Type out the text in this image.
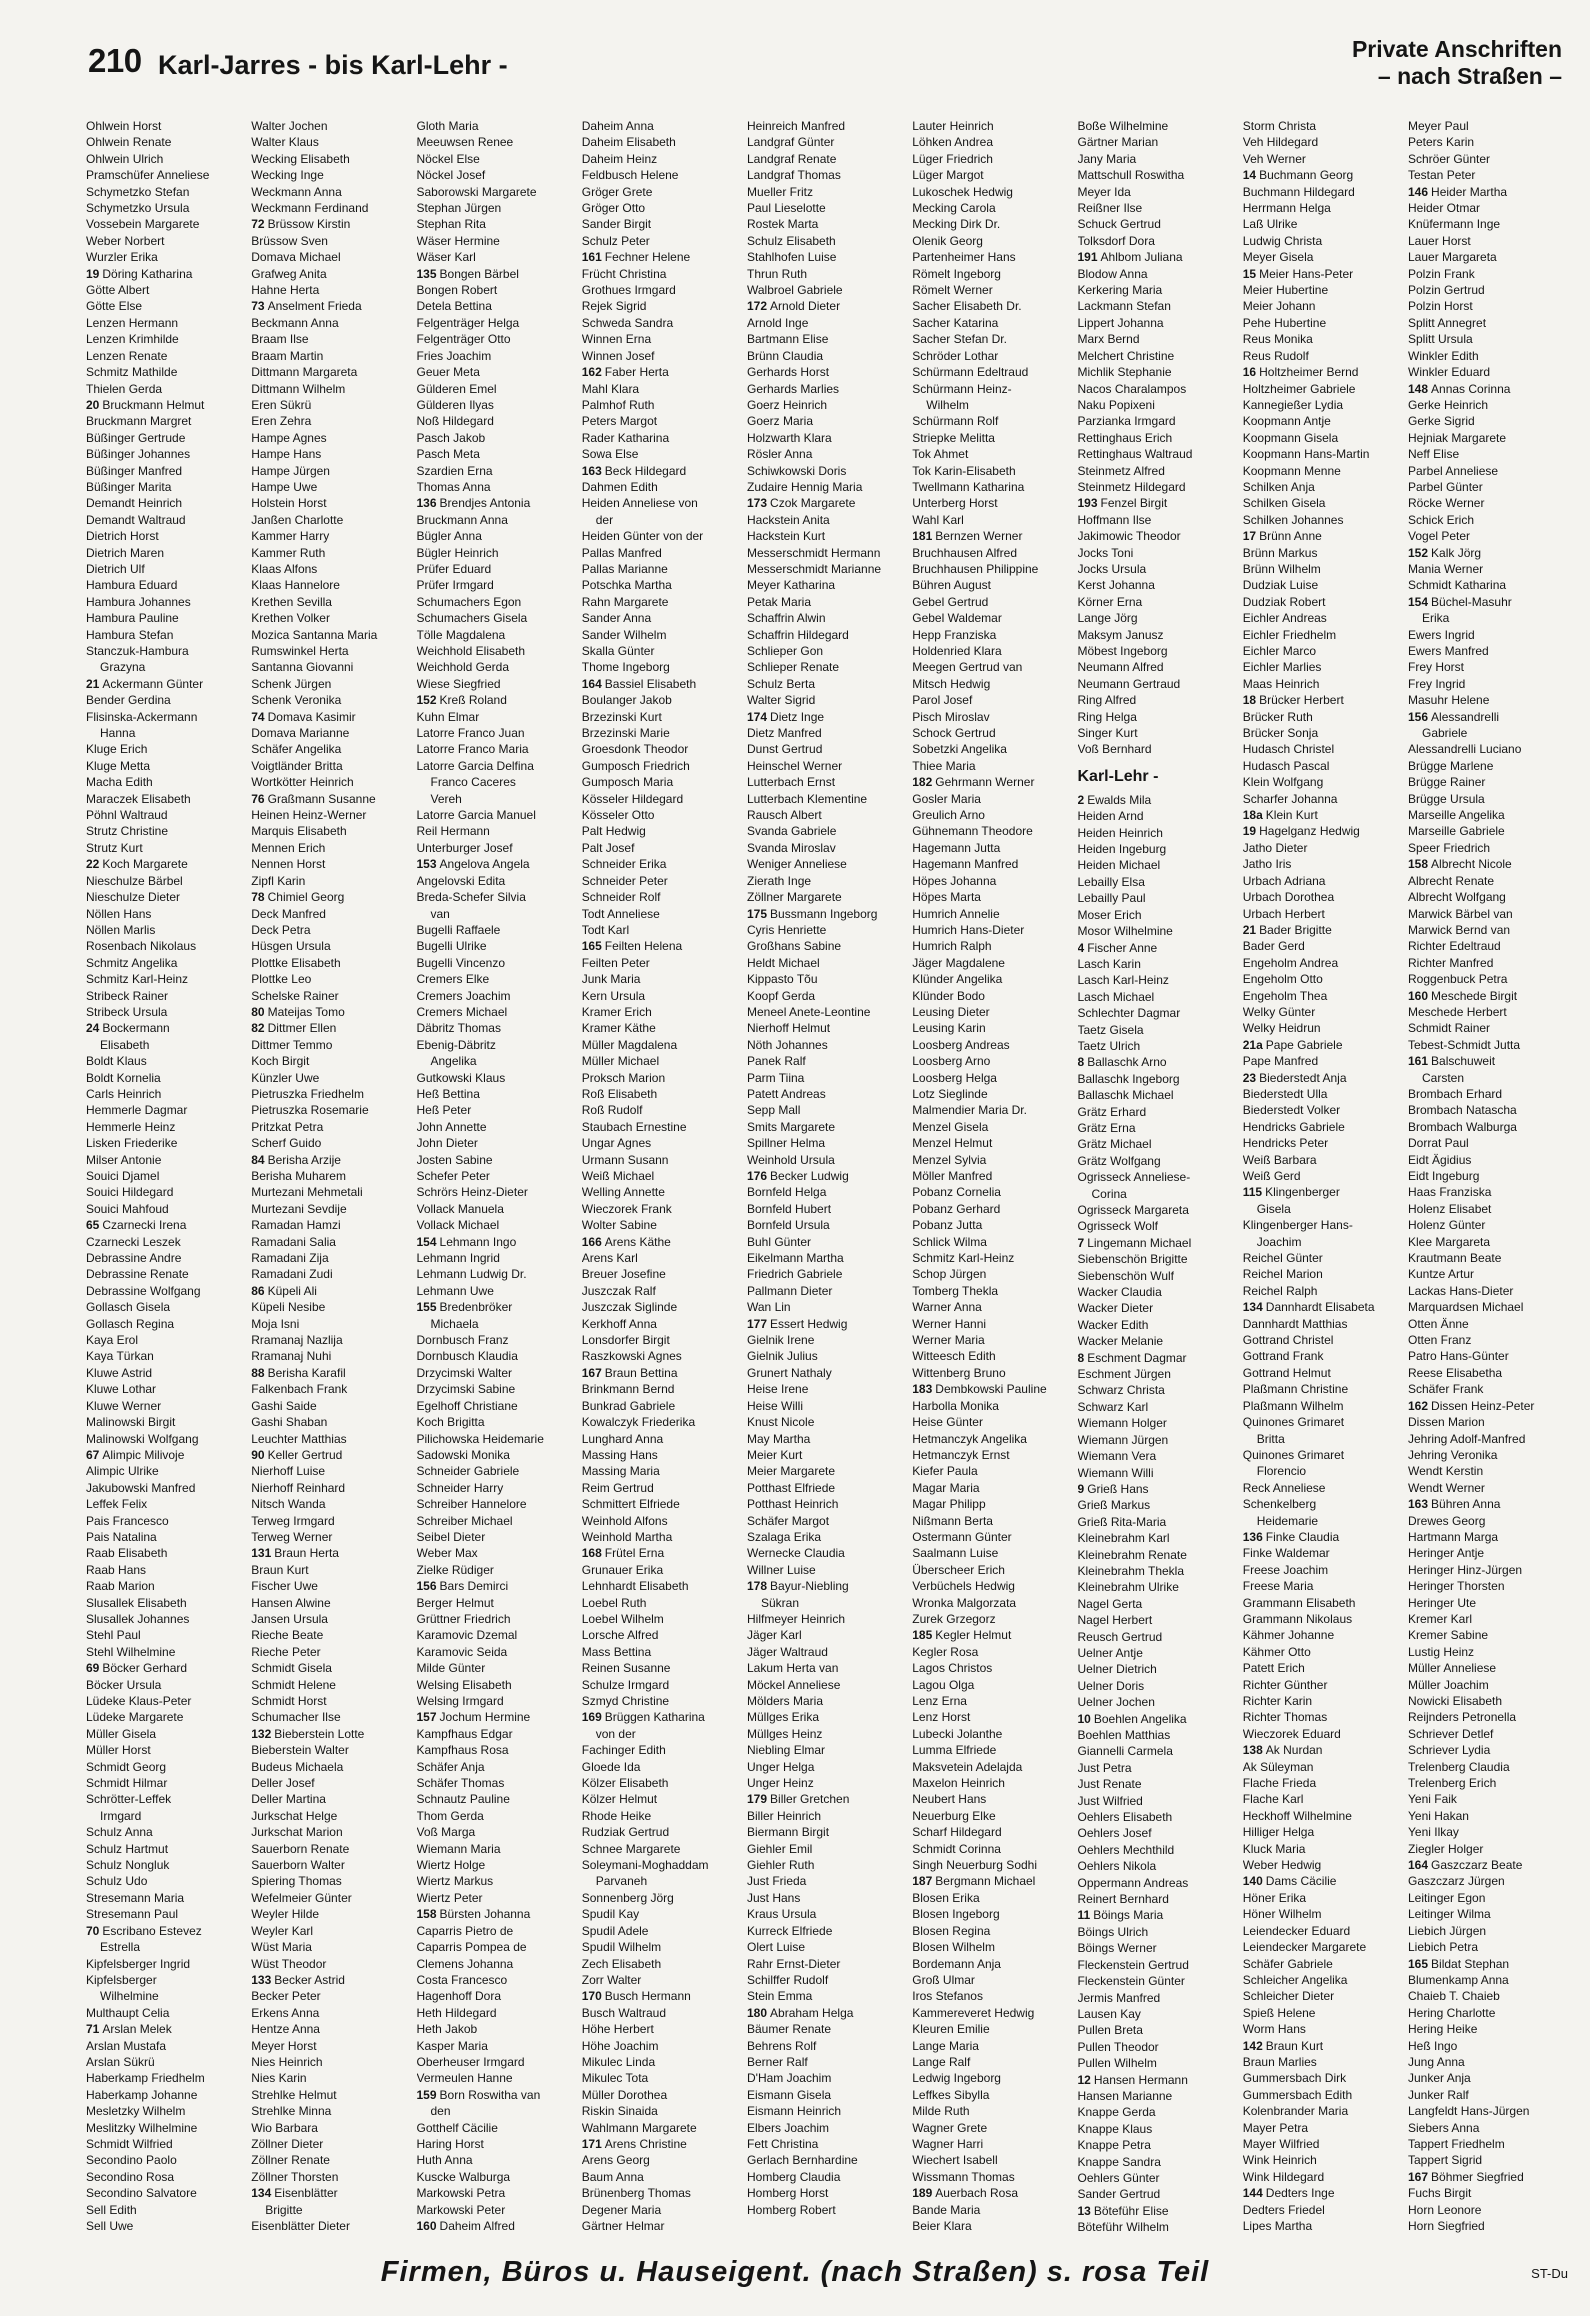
210 Karl-Jarres - bis Karl-Lehr -
Private Anschriften
– nach Straßen –
Ohlwein Horst
Ohlwein Renate
Ohlwein Ulrich
Pramschüfer Anneliese
Schymetzko Stefan
Schymetzko Ursula
Vossebein Margarete
Weber Norbert
Wurzler Erika
19 Döring Katharina
Götte Albert
Götte Else
Lenzen Hermann
Lenzen Krimhilde
Lenzen Renate
Schmitz Mathilde
Thielen Gerda
20 Bruckmann Helmut
Bruckmann Margret
Büßinger Gertrude
Büßinger Johannes
Büßinger Manfred
Büßinger Marita
Demandt Heinrich
Demandt Waltraud
Dietrich Horst
Dietrich Maren
Dietrich Ulf
Hambura Eduard
Hambura Johannes
Hambura Pauline
Hambura Stefan
Stanczuk-Hambura
Grazyna
21 Ackermann Günter
Bender Gerdina
Flisinska-Ackermann
Hanna
Kluge Erich
Kluge Metta
Macha Edith
Maraczek Elisabeth
Pöhnl Waltraud
Strutz Christine
Strutz Kurt
22 Koch Margarete
Nieschulze Bärbel
Nieschulze Dieter
Nöllen Hans
Nöllen Marlis
Rosenbach Nikolaus
Schmitz Angelika
Schmitz Karl-Heinz
Stribeck Rainer
Stribeck Ursula
24 Bockermann
Elisabeth
Boldt Klaus
Boldt Kornelia
Carls Heinrich
Hemmerle Dagmar
Hemmerle Heinz
Lisken Friederike
Milser Antonie
Souici Djamel
Souici Hildegard
Souici Mahfoud
65 Czarnecki Irena
Czarnecki Leszek
Debrassine Andre
Debrassine Renate
Debrassine Wolfgang
Gollasch Gisela
Gollasch Regina
Kaya Erol
Kaya Türkan
Kluwe Astrid
Kluwe Lothar
Kluwe Werner
Malinowski Birgit
Malinowski Wolfgang
67 Alimpic Milivoje
Alimpic Ulrike
Jakubowski Manfred
Leffek Felix
Pais Francesco
Pais Natalina
Raab Elisabeth
Raab Hans
Raab Marion
Slusallek Elisabeth
Slusallek Johannes
Stehl Paul
Stehl Wilhelmine
69 Böcker Gerhard
Böcker Ursula
Lüdeke Klaus-Peter
Lüdeke Margarete
Müller Gisela
Müller Horst
Schmidt Georg
Schmidt Hilmar
Schrötter-Leffek
Irmgard
Schulz Anna
Schulz Hartmut
Schulz Nongluk
Schulz Udo
Stresemann Maria
Stresemann Paul
70 Escribano Estevez
Estrella
Kipfelsberger Ingrid
Kipfelsberger
Wilhelmine
Multhaupt Celia
71 Arslan Melek
Arslan Mustafa
Arslan Sükrü
Haberkamp Friedhelm
Haberkamp Johanne
Mesletzky Wilhelm
Meslitzky Wilhelmine
Schmidt Wilfried
Secondino Paolo
Secondino Rosa
Secondino Salvatore
Sell Edith
Sell Uwe
Walter Jochen
Walter Klaus
Wecking Elisabeth
Wecking Inge
Weckmann Anna
Weckmann Ferdinand
72 Brüssow Kirstin
Brüssow Sven
Domava Michael
Grafweg Anita
Hahne Herta
73 Anselment Frieda
Beckmann Anna
Braam Ilse
Braam Martin
Dittmann Margareta
Dittmann Wilhelm
Eren Sükrü
Eren Zehra
Hampe Agnes
Hampe Hans
Hampe Jürgen
Hampe Uwe
Holstein Horst
Janßen Charlotte
Kammer Harry
Kammer Ruth
Klaas Alfons
Klaas Hannelore
Krethen Sevilla
Krethen Volker
Mozica Santanna Maria
Rumswinkel Herta
Santanna Giovanni
Schenk Jürgen
Schenk Veronika
74 Domava Kasimir
Domava Marianne
Schäfer Angelika
Voigtländer Britta
Wortkötter Heinrich
76 Graßmann Susanne
Heinen Heinz-Werner
Marquis Elisabeth
Mennen Erich
Nennen Horst
Zipfl Karin
78 Chimiel Georg
Deck Manfred
Deck Petra
Hüsgen Ursula
Plottke Elisabeth
Plottke Leo
Schelske Rainer
80 Mateijas Tomo
82 Dittmer Ellen
Dittmer Temmo
Koch Birgit
Künzler Uwe
Pietruszka Friedhelm
Pietruszka Rosemarie
Pritzkat Petra
Scherf Guido
84 Berisha Arzije
Berisha Muharem
Murtezani Mehmetali
Murtezani Sevdije
Ramadan Hamzi
Ramadani Salia
Ramadani Zija
Ramadani Zudi
86 Küpeli Ali
Küpeli Nesibe
Moja Isni
Rramanaj Nazlija
Rramanaj Nuhi
88 Berisha Karafil
Falkenbach Frank
Gashi Saide
Gashi Shaban
Leuchter Matthias
90 Keller Gertrud
Nierhoff Luise
Nierhoff Reinhard
Nitsch Wanda
Terweg Irmgard
Terweg Werner
131 Braun Herta
Braun Kurt
Fischer Uwe
Hansen Alwine
Jansen Ursula
Rieche Beate
Rieche Peter
Schmidt Gisela
Schmidt Helene
Schmidt Horst
Schumacher Ilse
132 Bieberstein Lotte
Bieberstein Walter
Budeus Michaela
Deller Josef
Deller Martina
Jurkschat Helge
Jurkschat Marion
Sauerborn Renate
Sauerborn Walter
Spiering Thomas
Wefelmeier Günter
Weyler Hilde
Weyler Karl
Wüst Maria
Wüst Theodor
133 Becker Astrid
Becker Peter
Erkens Anna
Hentze Anna
Meyer Horst
Nies Heinrich
Nies Karin
Strehlke Helmut
Strehlke Minna
Wio Barbara
Zöllner Dieter
Zöllner Renate
Zöllner Thorsten
134 Eisenblätter
Brigitte
Eisenblätter Dieter
Gloth Maria
Meeuwsen Renee
Nöckel Else
Nöckel Josef
Saborowski Margarete
Stephan Jürgen
Stephan Rita
Wäser Hermine
Wäser Karl
135 Bongen Bärbel
Bongen Robert
Detela Bettina
Felgenträger Helga
Felgenträger Otto
Fries Joachim
Geuer Meta
Gülderen Emel
Gülderen Ilyas
Noß Hildegard
Pasch Jakob
Pasch Meta
Szardien Erna
Thomas Anna
136 Brendjes Antonia
Bruckmann Anna
Bügler Anna
Bügler Heinrich
Prüfer Eduard
Prüfer Irmgard
Schumachers Egon
Schumachers Gisela
Tölle Magdalena
Weichhold Elisabeth
Weichhold Gerda
Wiese Siegfried
152 Kreß Roland
Kuhn Elmar
Latorre Franco Juan
Latorre Franco Maria
Latorre Garcia Delfina
Franco Caceres
Vereh
Latorre Garcia Manuel
Reil Hermann
Unterburger Josef
153 Angelova Angela
Angelovski Edita
Breda-Schefer Silvia
van
Bugelli Raffaele
Bugelli Ulrike
Bugelli Vincenzo
Cremers Elke
Cremers Joachim
Cremers Michael
Däbritz Thomas
Ebenig-Däbritz
Angelika
Gutkowski Klaus
Heß Bettina
Heß Peter
John Annette
John Dieter
Josten Sabine
Schefer Peter
Schrörs Heinz-Dieter
Vollack Manuela
Vollack Michael
154 Lehmann Ingo
Lehmann Ingrid
Lehmann Ludwig Dr.
Lehmann Uwe
155 Bredenbröker
Michaela
Dornbusch Franz
Dornbusch Klaudia
Drzycimski Walter
Drzycimski Sabine
Egelhoff Christiane
Koch Brigitta
Pilichowska Heidemarie
Sadowski Monika
Schneider Gabriele
Schneider Harry
Schreiber Hannelore
Schreiber Michael
Seibel Dieter
Weber Max
Zielke Rüdiger
156 Bars Demirci
Berger Helmut
Grüttner Friedrich
Karamovic Dzemal
Karamovic Seida
Milde Günter
Welsing Elisabeth
Welsing Irmgard
157 Jochum Hermine
Kampfhaus Edgar
Kampfhaus Rosa
Schäfer Anja
Schäfer Thomas
Schnautz Pauline
Thom Gerda
Voß Marga
Wiemann Maria
Wiertz Holge
Wiertz Markus
Wiertz Peter
158 Bürsten Johanna
Caparris Pietro de
Caparris Pompea de
Clemens Johanna
Costa Francesco
Hagenhoff Dora
Heth Hildegard
Heth Jakob
Kasper Maria
Oberheuser Irmgard
Vermeulen Hanne
159 Born Roswitha van
den
Gotthelf Cäcilie
Haring Horst
Huth Anna
Kuscke Walburga
Markowski Petra
Markowski Peter
160 Daheim Alfred
Daheim Anna
Daheim Elisabeth
Daheim Heinz
Feldbusch Helene
Gröger Grete
Gröger Otto
Sander Birgit
Schulz Peter
161 Fechner Helene
Frücht Christina
Grothues Irmgard
Rejek Sigrid
Schweda Sandra
Winnen Erna
Winnen Josef
162 Faber Herta
Mahl Klara
Palmhof Ruth
Peters Margot
Rader Katharina
Sowa Else
163 Beck Hildegard
Dahmen Edith
Heiden Anneliese von
der
Heiden Günter von der
Pallas Manfred
Pallas Marianne
Potschka Martha
Rahn Margarete
Sander Anna
Sander Wilhelm
Skalla Günter
Thome Ingeborg
164 Bassiel Elisabeth
Boulanger Jakob
Brzezinski Kurt
Brzezinski Marie
Groesdonk Theodor
Gumposch Friedrich
Gumposch Maria
Kösseler Hildegard
Kösseler Otto
Palt Hedwig
Palt Josef
Schneider Erika
Schneider Peter
Schneider Rolf
Todt Anneliese
Todt Karl
165 Feilten Helena
Feilten Peter
Junk Maria
Kern Ursula
Kramer Erich
Kramer Käthe
Müller Magdalena
Müller Michael
Proksch Marion
Roß Elisabeth
Roß Rudolf
Staubach Ernestine
Ungar Agnes
Urmann Susann
Weiß Michael
Welling Annette
Wieczorek Frank
Wolter Sabine
166 Arens Käthe
Arens Karl
Breuer Josefine
Juszczak Ralf
Juszczak Siglinde
Kerkhoff Anna
Lonsdorfer Birgit
Raszkowski Agnes
167 Braun Bettina
Brinkmann Bernd
Bunkrad Gabriele
Kowalczyk Friederika
Lunghard Anna
Massing Hans
Massing Maria
Reim Gertrud
Schmittert Elfriede
Weinhold Alfons
Weinhold Martha
168 Frütel Erna
Grunauer Erika
Lehnhardt Elisabeth
Loebel Ruth
Loebel Wilhelm
Lorsche Alfred
Mass Bettina
Reinen Susanne
Schulze Irmgard
Szmyd Christine
169 Brüggen Katharina
von der
Fachinger Edith
Gloede Ida
Kölzer Elisabeth
Kölzer Helmut
Rhode Heike
Rudziak Gertrud
Schnee Margarete
Soleymani-Moghaddam
Parvaneh
Sonnenberg Jörg
Spudil Kay
Spudil Adele
Spudil Wilhelm
Zech Elisabeth
Zorr Walter
170 Busch Hermann
Busch Waltraud
Höhe Herbert
Höhe Joachim
Mikulec Linda
Mikulec Tota
Müller Dorothea
Riskin Sinaida
Wahlmann Margarete
171 Arens Christine
Arens Georg
Baum Anna
Brünenberg Thomas
Degener Maria
Gärtner Helmar
Heinreich Manfred
Landgraf Günter
Landgraf Renate
Landgraf Thomas
Mueller Fritz
Paul Lieselotte
Rostek Marta
Schulz Elisabeth
Stahlhofen Luise
Thrun Ruth
Walbroel Gabriele
172 Arnold Dieter
Arnold Inge
Bartmann Elise
Brünn Claudia
Gerhards Horst
Gerhards Marlies
Goerz Heinrich
Goerz Maria
Holzwarth Klara
Rösler Anna
Schiwkowski Doris
Zudaire Hennig Maria
173 Czok Margarete
Hackstein Anita
Hackstein Kurt
Messerschmidt Hermann
Messerschmidt Marianne
Meyer Katharina
Petak Maria
Schaffrin Alwin
Schaffrin Hildegard
Schlieper Gon
Schlieper Renate
Schulz Berta
Walter Sigrid
174 Dietz Inge
Dietz Manfred
Dunst Gertrud
Heinschel Werner
Lutterbach Ernst
Lutterbach Klementine
Rausch Albert
Svanda Gabriele
Svanda Miroslav
Weniger Anneliese
Zierath Inge
Zöllner Margarete
175 Bussmann Ingeborg
Cyris Henriette
Großhans Sabine
Heldt Michael
Kippasto Tõu
Koopf Gerda
Meneel Anete-Leontine
Nierhoff Helmut
Nöth Johannes
Panek Ralf
Parm Tiina
Patett Andreas
Sepp Mall
Smits Margarete
Spillner Helma
Weinhold Ursula
176 Becker Ludwig
Bornfeld Helga
Bornfeld Hubert
Bornfeld Ursula
Buhl Günter
Eikelmann Martha
Friedrich Gabriele
Pallmann Dieter
Wan Lin
177 Essert Hedwig
Gielnik Irene
Gielnik Julius
Grunert Nathaly
Heise Irene
Heise Willi
Knust Nicole
May Martha
Meier Kurt
Meier Margarete
Potthast Elfriede
Potthast Heinrich
Schäfer Margot
Szalaga Erika
Wernecke Claudia
Willner Luise
178 Bayur-Niebling
Sükran
Hilfmeyer Heinrich
Jäger Karl
Jäger Waltraud
Lakum Herta van
Möckel Anneliese
Mölders Maria
Müllges Erika
Müllges Heinz
Niebling Elmar
Unger Helga
Unger Heinz
179 Biller Gretchen
Biller Heinrich
Biermann Birgit
Giehler Emil
Giehler Ruth
Just Frieda
Just Hans
Kraus Ursula
Kurreck Elfriede
Olert Luise
Rahr Ernst-Dieter
Schilffer Rudolf
Stein Emma
180 Abraham Helga
Bäumer Renate
Behrens Rolf
Berner Ralf
D'Ham Joachim
Eismann Gisela
Eismann Heinrich
Elbers Joachim
Fett Christina
Gerlach Bernhardine
Homberg Claudia
Homberg Horst
Homberg Robert
Lauter Heinrich
Löhken Andrea
Lüger Friedrich
Lüger Margot
Lukoschek Hedwig
Mecking Carola
Mecking Dirk Dr.
Olenik Georg
Partenheimer Hans
Römelt Ingeborg
Römelt Werner
Sacher Elisabeth Dr.
Sacher Katarina
Sacher Stefan Dr.
Schröder Lothar
Schürmann Edeltraud
Schürmann Heinz-
Wilhelm
Schürmann Rolf
Striepke Melitta
Tok Ahmet
Tok Karin-Elisabeth
Twellmann Katharina
Unterberg Horst
Wahl Karl
181 Bernzen Werner
Bruchhausen Alfred
Bruchhausen Philippine
Bühren August
Gebel Gertrud
Gebel Waldemar
Hepp Franziska
Holdenried Klara
Meegen Gertrud van
Mitsch Hedwig
Parol Josef
Pisch Miroslav
Schock Gertrud
Sobetzki Angelika
Thiee Maria
182 Gehrmann Werner
Gosler Maria
Greulich Arno
Gühnemann Theodore
Hagemann Jutta
Hagemann Manfred
Höpes Johanna
Höpes Marta
Humrich Annelie
Humrich Hans-Dieter
Humrich Ralph
Jäger Magdalene
Klünder Angelika
Klünder Bodo
Leusing Dieter
Leusing Karin
Loosberg Andreas
Loosberg Arno
Loosberg Helga
Lotz Sieglinde
Malmendier Maria Dr.
Menzel Gisela
Menzel Helmut
Menzel Sylvia
Möller Manfred
Pobanz Cornelia
Pobanz Gerhard
Pobanz Jutta
Schlick Wilma
Schmitz Karl-Heinz
Schop Jürgen
Tomberg Thekla
Warner Anna
Werner Hanni
Werner Maria
Witteesch Edith
Wittenberg Bruno
183 Dembkowski Pauline
Harbolla Monika
Heise Günter
Hetmanczyk Angelika
Hetmanczyk Ernst
Kiefer Paula
Magar Maria
Magar Philipp
Nißmann Berta
Ostermann Günter
Saalmann Luise
Überscheer Erich
Verbüchels Hedwig
Wronka Malgorzata
Zurek Grzegorz
185 Kegler Helmut
Kegler Rosa
Lagos Christos
Lagou Olga
Lenz Erna
Lenz Horst
Lubecki Jolanthe
Lumma Elfriede
Maksvetein Adelajda
Maxelon Heinrich
Neubert Hans
Neuerburg Elke
Scharf Hildegard
Schmidt Corinna
Singh Neuerburg Sodhi
187 Bergmann Michael
Blosen Erika
Blosen Ingeborg
Blosen Regina
Blosen Wilhelm
Bordemann Anja
Groß Ulmar
Iros Stefanos
Kammereveret Hedwig
Kleuren Emilie
Lange Maria
Lange Ralf
Ledwig Ingeborg
Leffkes Sibylla
Milde Ruth
Wagner Grete
Wagner Harri
Wiechert Isabell
Wissmann Thomas
189 Auerbach Rosa
Bande Maria
Beier Klara
Boße Wilhelmine
Gärtner Marian
Jany Maria
Mattschull Roswitha
Meyer Ida
Reißner Ilse
Schuck Gertrud
Tolksdorf Dora
191 Ahlbom Juliana
Blodow Anna
Kerkering Maria
Lackmann Stefan
Lippert Johanna
Marx Bernd
Melchert Christine
Michlik Stephanie
Nacos Charalampos
Naku Popixeni
Parzianka Irmgard
Rettinghaus Erich
Rettinghaus Waltraud
Steinmetz Alfred
Steinmetz Hildegard
193 Fenzel Birgit
Hoffmann Ilse
Jakimowic Theodor
Jocks Toni
Jocks Ursula
Kerst Johanna
Körner Erna
Lange Jörg
Maksym Janusz
Möbest Ingeborg
Neumann Alfred
Neumann Gertraud
Ring Alfred
Ring Helga
Singer Kurt
Voß Bernhard
Karl-Lehr -
2 Ewalds Mila
Heiden Arnd
Heiden Heinrich
Heiden Ingeburg
Heiden Michael
Lebailly Elsa
Lebailly Paul
Moser Erich
Mosor Wilhelmine
4 Fischer Anne
Lasch Karin
Lasch Karl-Heinz
Lasch Michael
Schlechter Dagmar
Taetz Gisela
Taetz Ulrich
8 Ballaschk Arno
Ballaschk Ingeborg
Ballaschk Michael
Grätz Erhard
Grätz Erna
Grätz Michael
Grätz Wolfgang
Ogrisseck Anneliese-
Corina
Ogrisseck Margareta
Ogrisseck Wolf
7 Lingemann Michael
Siebenschön Brigitte
Siebenschön Wulf
Wacker Claudia
Wacker Dieter
Wacker Edith
Wacker Melanie
8 Eschment Dagmar
Eschment Jürgen
Schwarz Christa
Schwarz Karl
Wiemann Holger
Wiemann Jürgen
Wiemann Vera
Wiemann Willi
9 Grieß Hans
Grieß Markus
Grieß Rita-Maria
Kleinebrahm Karl
Kleinebrahm Renate
Kleinebrahm Thekla
Kleinebrahm Ulrike
Nagel Gerta
Nagel Herbert
Reusch Gertrud
Uelner Antje
Uelner Dietrich
Uelner Doris
Uelner Jochen
10 Boehlen Angelika
Boehlen Matthias
Giannelli Carmela
Just Petra
Just Renate
Just Wilfried
Oehlers Elisabeth
Oehlers Josef
Oehlers Mechthild
Oehlers Nikola
Oppermann Andreas
Reinert Bernhard
11 Böings Maria
Böings Ulrich
Böings Werner
Fleckenstein Gertrud
Fleckenstein Günter
Jermis Manfred
Lausen Kay
Pullen Breta
Pullen Theodor
Pullen Wilhelm
12 Hansen Hermann
Hansen Marianne
Knappe Gerda
Knappe Klaus
Knappe Petra
Knappe Sandra
Oehlers Günter
Sander Gertrud
13 Böteführ Elise
Böteführ Wilhelm
Storm Christa
Veh Hildegard
Veh Werner
14 Buchmann Georg
Buchmann Hildegard
Herrmann Helga
Laß Ulrike
Ludwig Christa
Meyer Gisela
15 Meier Hans-Peter
Meier Hubertine
Meier Johann
Pehe Hubertine
Reus Monika
Reus Rudolf
16 Holtzheimer Bernd
Holtzheimer Gabriele
Kannegießer Lydia
Koopmann Antje
Koopmann Gisela
Koopmann Hans-Martin
Koopmann Menne
Schilken Anja
Schilken Gisela
Schilken Johannes
17 Brünn Anne
Brünn Markus
Brünn Wilhelm
Dudziak Luise
Dudziak Robert
Eichler Andreas
Eichler Friedhelm
Eichler Marco
Eichler Marlies
Maas Heinrich
18 Brücker Herbert
Brücker Ruth
Brücker Sonja
Hudasch Christel
Hudasch Pascal
Klein Wolfgang
Scharfer Johanna
18a Klein Kurt
19 Hagelganz Hedwig
Jatho Dieter
Jatho Iris
Urbach Adriana
Urbach Dorothea
Urbach Herbert
21 Bader Brigitte
Bader Gerd
Engeholm Andrea
Engeholm Otto
Engeholm Thea
Welky Günter
Welky Heidrun
21a Pape Gabriele
Pape Manfred
23 Biederstedt Anja
Biederstedt Ulla
Biederstedt Volker
Hendricks Gabriele
Hendricks Peter
Weiß Barbara
Weiß Gerd
115 Klingenberger
Gisela
Klingenberger Hans-
Joachim
Reichel Günter
Reichel Marion
Reichel Ralph
134 Dannhardt Elisabeta
Dannhardt Matthias
Gottrand Christel
Gottrand Frank
Gottrand Helmut
Plaßmann Christine
Plaßmann Wilhelm
Quinones Grimaret
Britta
Quinones Grimaret
Florencio
Reck Anneliese
Schenkelberg
Heidemarie
136 Finke Claudia
Finke Waldemar
Freese Joachim
Freese Maria
Grammann Elisabeth
Grammann Nikolaus
Kähmer Johanne
Kähmer Otto
Patett Erich
Richter Günther
Richter Karin
Richter Thomas
Wieczorek Eduard
138 Ak Nurdan
Ak Süleyman
Flache Frieda
Flache Karl
Heckhoff Wilhelmine
Hilliger Helga
Kluck Maria
Weber Hedwig
140 Dams Cäcilie
Höner Erika
Höner Wilhelm
Leiendecker Eduard
Leiendecker Margarete
Schäfer Gabriele
Schleicher Angelika
Schleicher Dieter
Spieß Helene
Worm Hans
142 Braun Kurt
Braun Marlies
Gummersbach Dirk
Gummersbach Edith
Kolenbrander Maria
Mayer Petra
Mayer Wilfried
Wink Heinrich
Wink Hildegard
144 Dedters Inge
Dedters Friedel
Lipes Martha
Meyer Paul
Peters Karin
Schröer Günter
Testan Peter
146 Heider Martha
Heider Otmar
Knüfermann Inge
Lauer Horst
Lauer Margareta
Polzin Frank
Polzin Gertrud
Polzin Horst
Splitt Annegret
Splitt Ursula
Winkler Edith
Winkler Eduard
148 Annas Corinna
Gerke Heinrich
Gerke Sigrid
Hejniak Margarete
Neff Elise
Parbel Anneliese
Parbel Günter
Röcke Werner
Schick Erich
Vogel Peter
152 Kalk Jörg
Mania Werner
Schmidt Katharina
154 Büchel-Masuhr
Erika
Ewers Ingrid
Ewers Manfred
Frey Horst
Frey Ingrid
Masuhr Helene
156 Alessandrelli
Gabriele
Alessandrelli Luciano
Brügge Marlene
Brügge Rainer
Brügge Ursula
Marseille Angelika
Marseille Gabriele
Speer Friedrich
158 Albrecht Nicole
Albrecht Renate
Albrecht Wolfgang
Marwick Bärbel van
Marwick Bernd van
Richter Edeltraud
Richter Manfred
Roggenbuck Petra
160 Meschede Birgit
Meschede Herbert
Schmidt Rainer
Tebest-Schmidt Jutta
161 Balschuweit
Carsten
Brombach Erhard
Brombach Natascha
Brombach Walburga
Dorrat Paul
Eidt Ägidius
Eidt Ingeburg
Haas Franziska
Holenz Elisabet
Holenz Günter
Klee Margareta
Krautmann Beate
Kuntze Artur
Lackas Hans-Dieter
Marquardsen Michael
Otten Änne
Otten Franz
Patro Hans-Günter
Reese Elisabetha
Schäfer Frank
162 Dissen Heinz-Peter
Dissen Marion
Jehring Adolf-Manfred
Jehring Veronika
Wendt Kerstin
Wendt Werner
163 Bühren Anna
Drewes Georg
Hartmann Marga
Heringer Antje
Heringer Hinz-Jürgen
Heringer Thorsten
Heringer Ute
Kremer Karl
Kremer Sabine
Lustig Heinz
Müller Anneliese
Müller Joachim
Nowicki Elisabeth
Reijnders Petronella
Schriever Detlef
Schriever Lydia
Trelenberg Claudia
Trelenberg Erich
Yeni Faik
Yeni Hakan
Yeni Ilkay
Ziegler Holger
164 Gaszczarz Beate
Gaszczarz Jürgen
Leitinger Egon
Leitinger Wilma
Liebich Jürgen
Liebich Petra
165 Bildat Stephan
Blumenkamp Anna
Chaieb T. Chaieb
Hering Charlotte
Hering Heike
Heß Ingo
Jung Anna
Junker Anja
Junker Ralf
Langfeldt Hans-Jürgen
Siebers Anna
Tappert Friedhelm
Tappert Sigrid
167 Böhmer Siegfried
Fuchs Birgit
Horn Leonore
Horn Siegfried
Firmen, Büros u. Hauseigent. (nach Straßen) s. rosa Teil	ST-Du
